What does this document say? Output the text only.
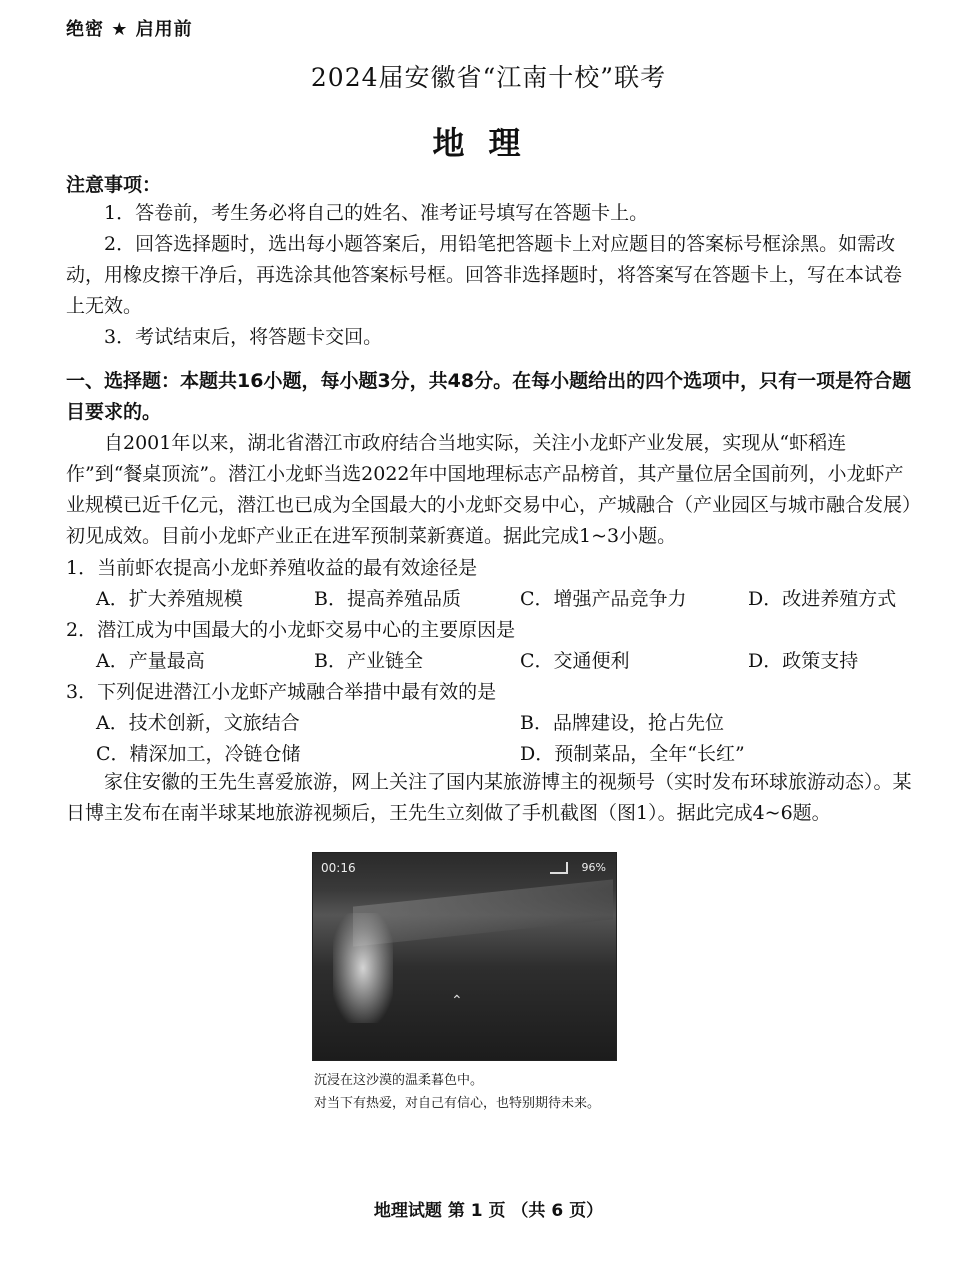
绝密 ★ 启用前
2024届安徽省“江南十校”联考
地理
注意事项：
1．答卷前，考生务必将自己的姓名、准考证号填写在答题卡上。
2．回答选择题时，选出每小题答案后，用铅笔把答题卡上对应题目的答案标号框涂黑。如需改动，用橡皮擦干净后，再选涂其他答案标号框。回答非选择题时，将答案写在答题卡上，写在本试卷上无效。
3．考试结束后，将答题卡交回。
一、选择题：本题共16小题，每小题3分，共48分。在每小题给出的四个选项中，只有一项是符合题目要求的。
自2001年以来，湖北省潜江市政府结合当地实际，关注小龙虾产业发展，实现从“虾稻连作”到“餐桌顶流”。潜江小龙虾当选2022年中国地理标志产品榜首，其产量位居全国前列，小龙虾产业规模已近千亿元，潜江也已成为全国最大的小龙虾交易中心，产城融合（产业园区与城市融合发展）初见成效。目前小龙虾产业正在进军预制菜新赛道。据此完成1~3小题。
1．当前虾农提高小龙虾养殖收益的最有效途径是
A．扩大养殖规模	B．提高养殖品质	C．增强产品竞争力	D．改进养殖方式
2．潜江成为中国最大的小龙虾交易中心的主要原因是
A．产量最高	B．产业链全	C．交通便利	D．政策支持
3．下列促进潜江小龙虾产城融合举措中最有效的是
A．技术创新，文旅结合	B．品牌建设，抢占先位
C．精深加工，冷链仓储	D．预制菜品，全年“长红”
家住安徽的王先生喜爱旅游，网上关注了国内某旅游博主的视频号（实时发布环球旅游动态）。某日博主发布在南半球某地旅游视频后，王先生立刻做了手机截图（图1）。据此完成4~6题。
00:16	96%
⌃
沉浸在这沙漠的温柔暮色中。
对当下有热爱，对自己有信心，也特别期待未来。
地理试题 第 1 页 （共 6 页）
